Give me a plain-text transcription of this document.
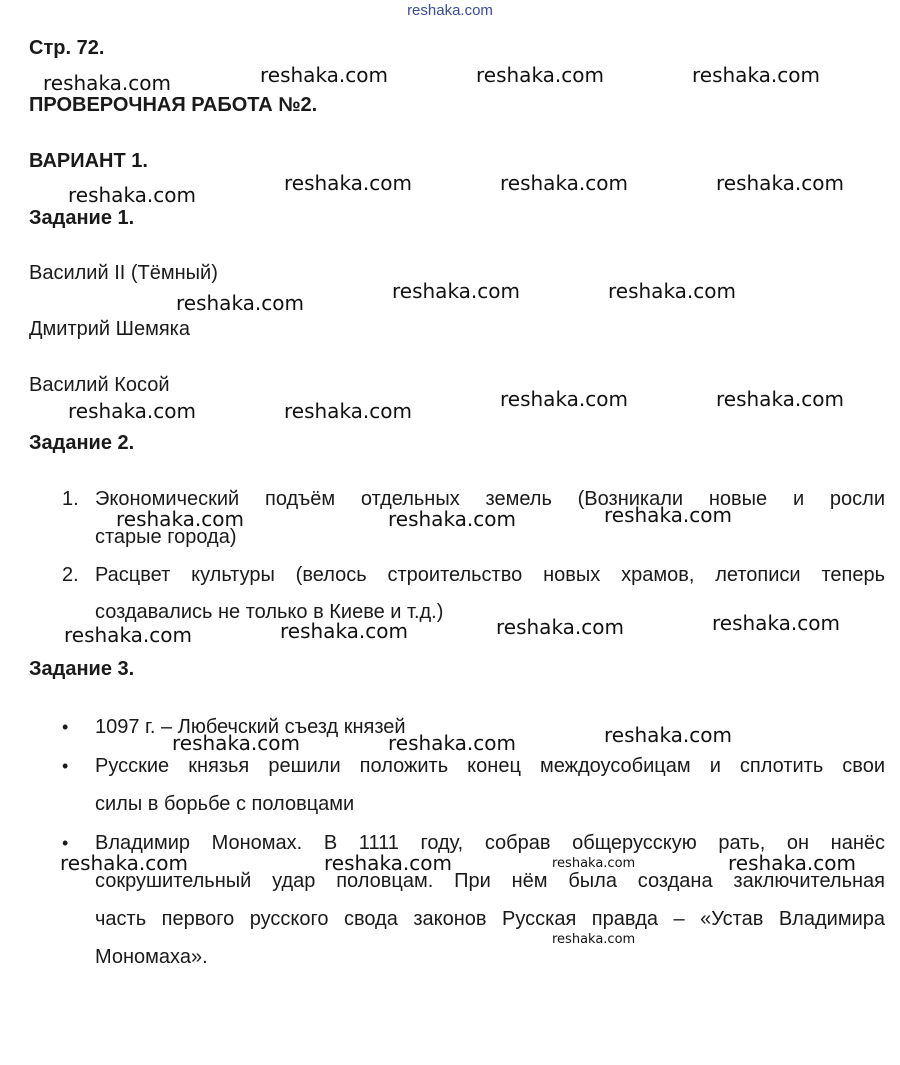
reshaka.com
Стр. 72.
ПРОВЕРОЧНАЯ РАБОТА №2.
ВАРИАНТ 1.
Задание 1.
Василий II (Тёмный)
Дмитрий Шемяка
Василий Косой
Задание 2.
1. Экономический подъём отдельных земель (Возникали новые и росли
старые города)
2. Расцвет культуры (велось строительство новых храмов, летописи теперь
создавались не только в Киеве и т.д.)
Задание 3.
• 1097 г. – Любечский съезд князей
• Русские князья решили положить конец междоусобицам и сплотить свои
силы в борьбе с половцами
• Владимир Мономах. В 1111 году, собрав общерусскую рать, он нанёс
сокрушительный удар половцам. При нём была создана заключительная
часть первого русского свода законов Русская правда – «Устав Владимира
Мономаха».
reshaka.com	reshaka.com	reshaka.com	reshaka.com
reshaka.com	reshaka.com	reshaka.com	reshaka.com
reshaka.com	reshaka.com	reshaka.com
reshaka.com	reshaka.com	reshaka.com	reshaka.com
reshaka.com	reshaka.com	reshaka.com
reshaka.com	reshaka.com	reshaka.com	reshaka.com
reshaka.com	reshaka.com	reshaka.com
reshaka.com	reshaka.com	reshaka.com	reshaka.com
reshaka.com
